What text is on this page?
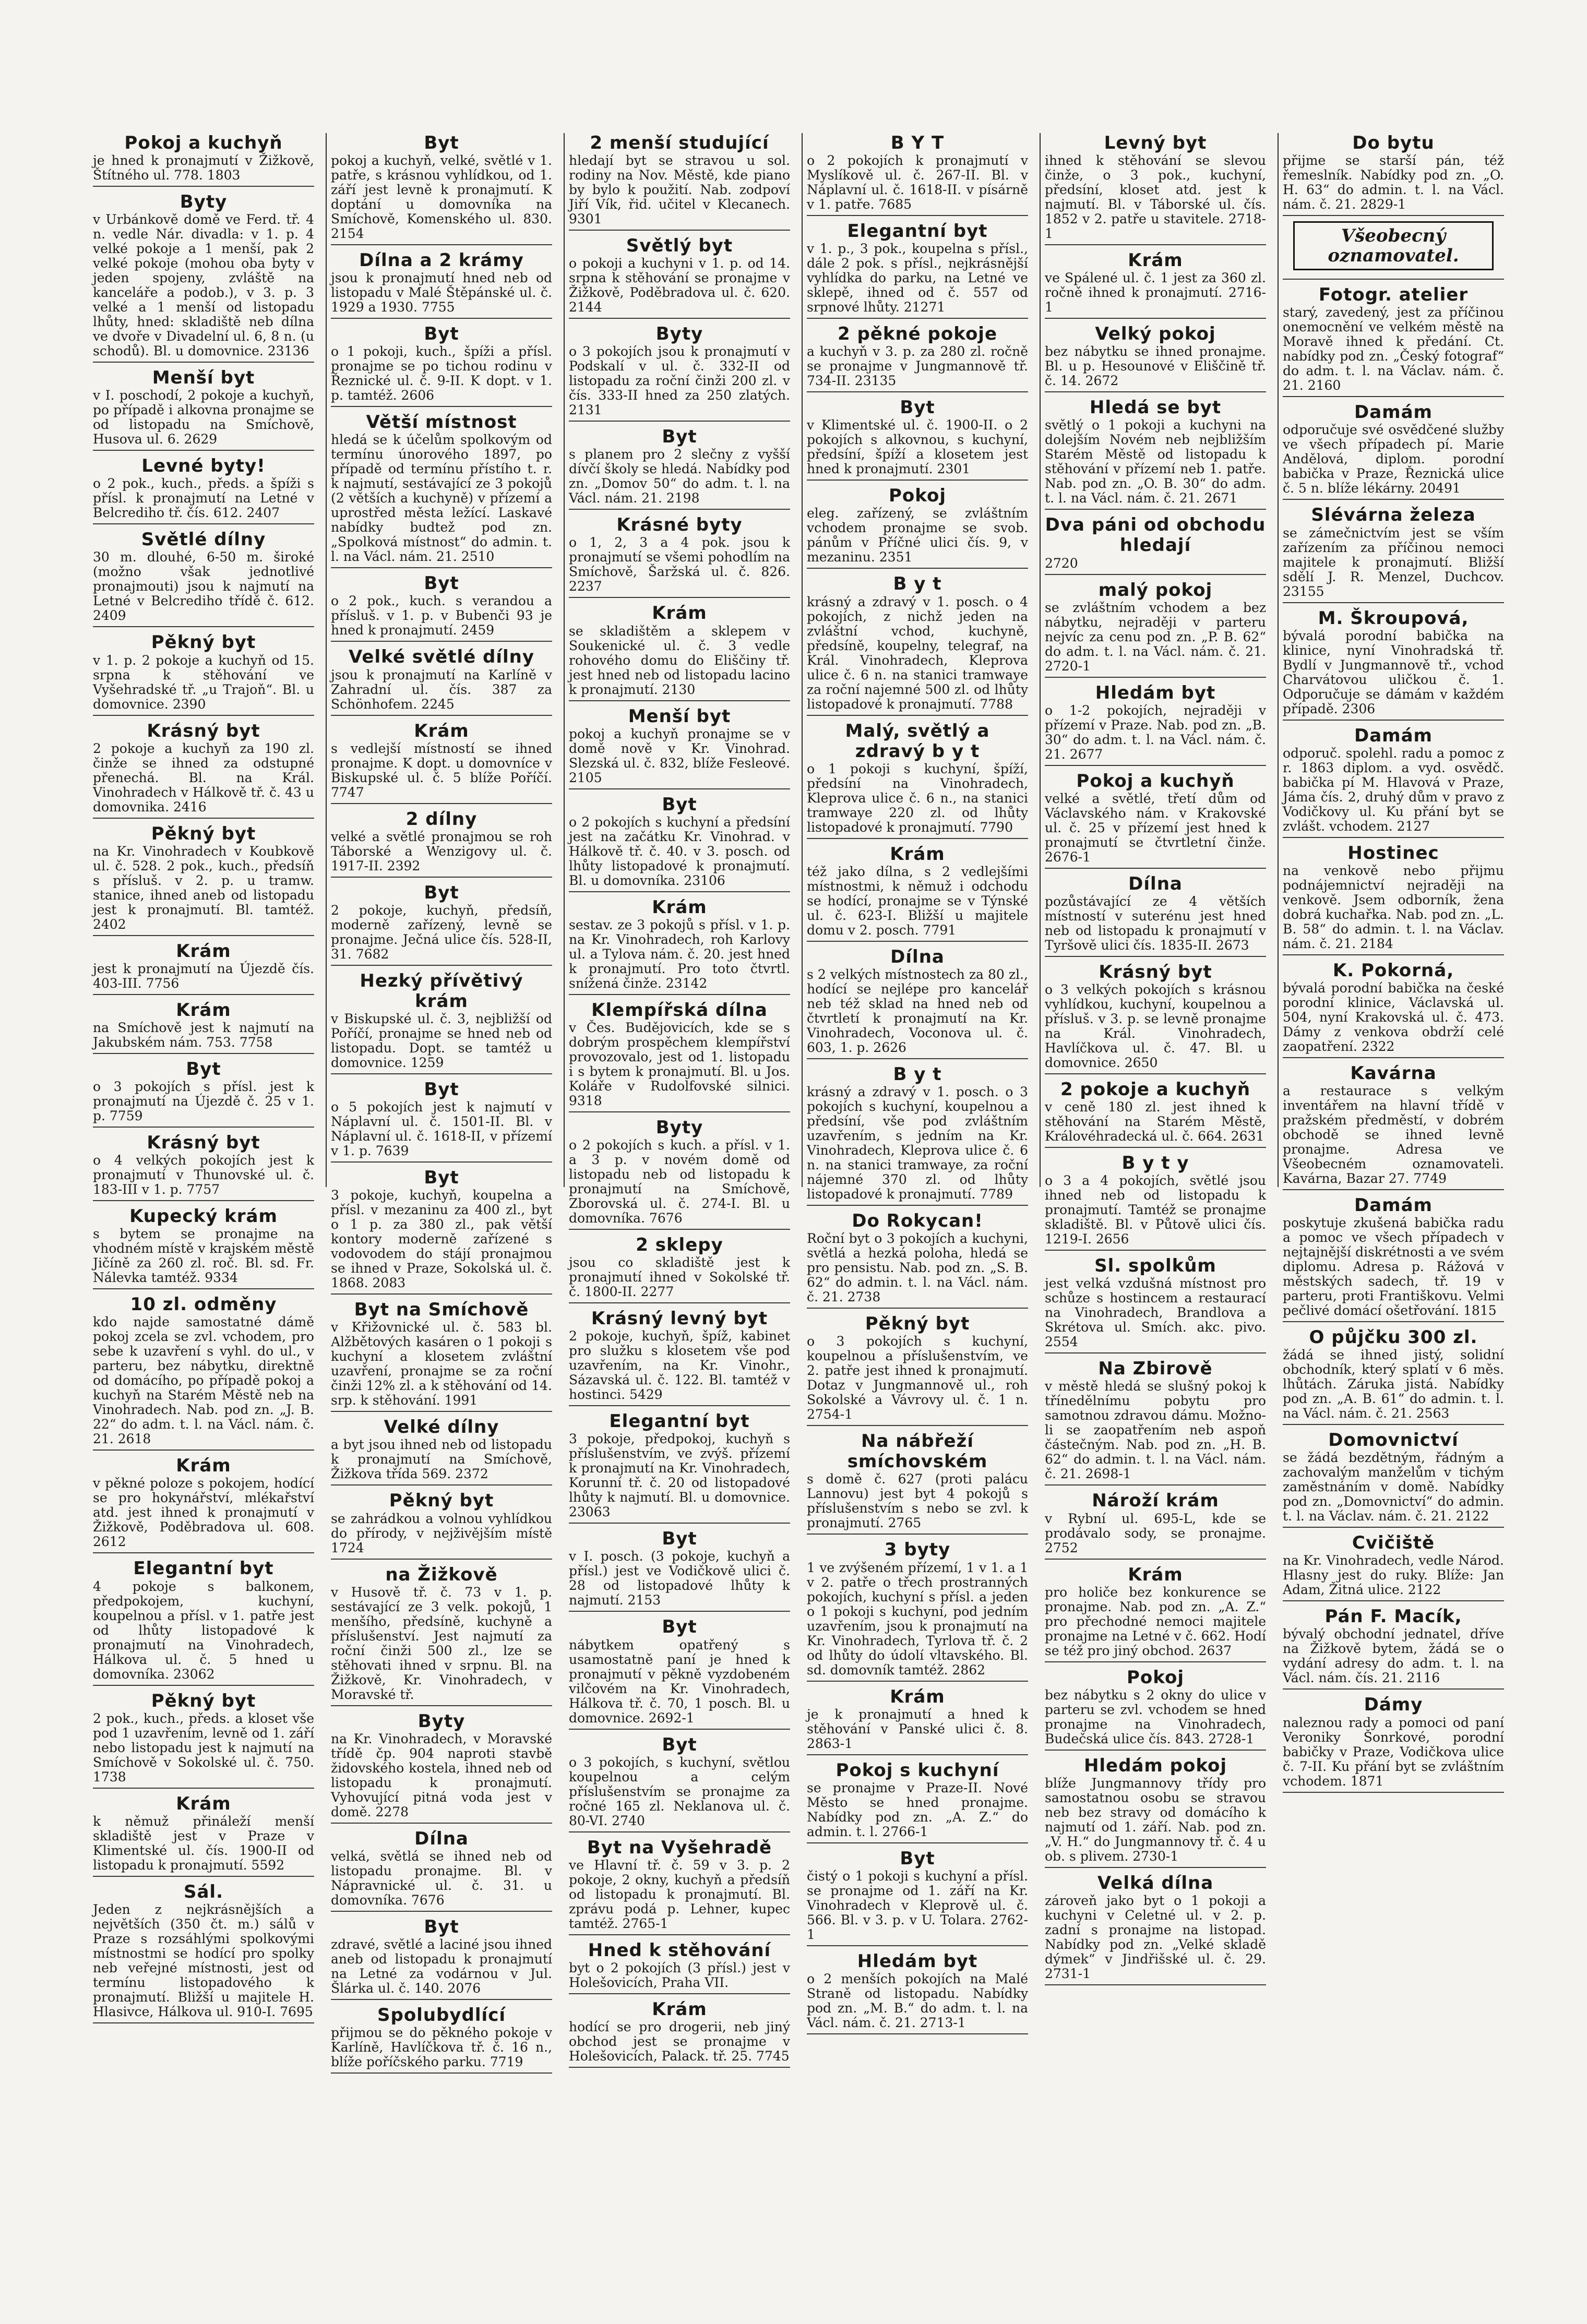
Pokoj a kuchyň
je hned k pronajmutí v Žižkově, Štítného ul. 778. 1803
Byty
v Urbánkově domě ve Ferd. tř. 4 n. vedle Nár. divadla: v 1. p. 4 velké pokoje a 1 menší, pak 2 velké pokoje (mohou oba byty v jeden spojeny, zvláště na kanceláře a podob.), v 3. p. 3 velké a 1 menší od listopadu lhůty, hned: skladiště neb dílna ve dvoře v Divadelní ul. 6, 8 n. (u schodů). Bl. u domovnice. 23136
Menší byt
v I. poschodí, 2 pokoje a kuchyň, po případě i alkovna pronajme se od listopadu na Smíchově, Husova ul. 6. 2629
Levné byty!
o 2 pok., kuch., předs. a špíži s přísl. k pronajmutí na Letné v Belcrediho tř. čís. 612. 2407
Světlé dílny
30 m. dlouhé, 6-50 m. široké (možno však jednotlivé pronajmouti) jsou k najmutí na Letné v Belcrediho třídě č. 612. 2409
Pěkný byt
v 1. p. 2 pokoje a kuchyň od 15. srpna k stěhování ve Vyšehradské tř. „u Trajoň“. Bl. u domovnice. 2390
Krásný byt
2 pokoje a kuchyň za 190 zl. činže se ihned za odstupné přenechá. Bl. na Král. Vinohradech v Hálkově tř. č. 43 u domovnika. 2416
Pěkný byt
na Kr. Vinohradech v Koubkově ul. č. 528. 2 pok., kuch., předsíň s přísluš. v 2. p. u tramw. stanice, ihned aneb od listopadu jest k pronajmutí. Bl. tamtéž. 2402
Krám
jest k pronajmutí na Újezdě čís. 403-III. 7756
Krám
na Smíchově jest k najmutí na Jakubském nám. 753. 7758
Byt
o 3 pokojích s přísl. jest k pronajmutí na Újezdě č. 25 v 1. p. 7759
Krásný byt
o 4 velkých pokojích jest k pronajmutí v Thunovské ul. č. 183-III v 1. p. 7757
Kupecký krám
s bytem se pronajme na vhodném místě v krajském městě Jičíně za 260 zl. roč. Bl. sd. Fr. Nálevka tamtéž. 9334
10 zl. odměny
kdo najde samostatné dámě pokoj zcela se zvl. vchodem, pro sebe k uzavření s vyhl. do ul., v parteru, bez nábytku, direktně od domácího, po případě pokoj a kuchyň na Starém Městě neb na Vinohradech. Nab. pod zn. „J. B. 22“ do adm. t. l. na Václ. nám. č. 21. 2618
Krám
v pěkné poloze s pokojem, hodící se pro hokynářství, mlékařství atd. jest ihned k pronajmutí v Žižkově, Poděbradova ul. 608. 2612
Elegantní byt
4 pokoje s balkonem, předpokojem, kuchyní, koupelnou a přísl. v 1. patře jest od lhůty listopadové k pronajmutí na Vinohradech, Hálkova ul. č. 5 hned u domovníka. 23062
Pěkný byt
2 pok., kuch., předs. a kloset vše pod 1 uzavřením, levně od 1. září nebo listopadu jest k najmutí na Smíchově v Sokolské ul. č. 750. 1738
Krám
k němuž přináleží menší skladiště jest v Praze v Klimentské ul. čís. 1900-II od listopadu k pronajmutí. 5592
Sál.
Jeden z nejkrásnějších a největších (350 čt. m.) sálů v Praze s rozsáhlými spolkovými místnostmi se hodící pro spolky neb veřejné místnosti, jest od termínu listopadového k pronajmutí. Bližší u majitele H. Hlasivce, Hálkova ul. 910-I. 7695
Byt
pokoj a kuchyň, velké, světlé v 1. patře, s krásnou vyhlídkou, od 1. září jest levně k pronajmutí. K doptání u domovníka na Smíchově, Komenského ul. 830. 2154
Dílna a 2 krámy
jsou k pronajmutí hned neb od listopadu v Malé Štěpánské ul. č. 1929 a 1930. 7755
Byt
o 1 pokoji, kuch., špíži a přísl. pronajme se po tichou rodinu v Řeznické ul. č. 9-II. K dopt. v 1. p. tamtéž. 2606
Větší místnost
hledá se k účelům spolkovým od termínu únorového 1897, po případě od termínu přístího t. r. k najmutí, sestávající ze 3 pokojů (2 větších a kuchyně) v přízemí a uprostřed města ležící. Laskavé nabídky budtež pod zn. „Spolková místnost“ do admin. t. l. na Václ. nám. 21. 2510
Byt
o 2 pok., kuch. s verandou a přísluš. v 1. p. v Bubenči 93 je hned k pronajmutí. 2459
Velké světlé dílny
jsou k pronajmutí na Karlíně v Zahradní ul. čís. 387 za Schönhofem. 2245
Krám
s vedlejší místností se ihned pronajme. K dopt. u domovníce v Biskupské ul. č. 5 blíže Poříčí. 7747
2 dílny
velké a světlé pronajmou se roh Táborské a Wenzigovy ul. č. 1917-II. 2392
Byt
2 pokoje, kuchyň, předsíň, moderně zařízený, levně se pronajme. Ječná ulice čís. 528-II, 31. 7682
Hezký přívětivý krám
v Biskupské ul. č. 3, nejbližší od Poříčí, pronajme se hned neb od listopadu. Dopt. se tamtéž u domovnice. 1259
Byt
o 5 pokojích jest k najmutí v Náplavní ul. č. 1501-II. Bl. v Náplavní ul. č. 1618-II, v přízemí v 1. p. 7639
Byt
3 pokoje, kuchyň, koupelna a přísl. v mezaninu za 400 zl., byt o 1 p. za 380 zl., pak větší kontory moderně zařízené s vodovodem do stájí pronajmou se ihned v Praze, Sokolská ul. č. 1868. 2083
Byt na Smíchově
v Křižovnické ul. č. 583 bl. Alžbětových kasáren o 1 pokoji s kuchyní a klosetem zvláštní uzavření, pronajme se za roční činži 12% zl. a k stěhování od 14. srp. k stěhování. 1991
Velké dílny
a byt jsou ihned neb od listopadu k pronajmutí na Smíchově, Žižkova třída 569. 2372
Pěkný byt
se zahrádkou a volnou vyhlídkou do přírody, v nejživějším místě 1724
na Žižkově
v Husově tř. č. 73 v 1. p. sestávající ze 3 velk. pokojů, 1 menšího, předsíně, kuchyně a příslušenství. Jest najmutí za roční činži 500 zl., lze se stěhovati ihned v srpnu. Bl. na Žižkově, Kr. Vinohradech, v Moravské tř.
Byty
na Kr. Vinohradech, v Moravské třídě čp. 904 naproti stavbě židovského kostela, ihned neb od listopadu k pronajmutí. Vyhovující pitná voda jest v domě. 2278
Dílna
velká, světlá se ihned neb od listopadu pronajme. Bl. v Nápravnické ul. č. 31. u domovníka. 7676
Byt
zdravé, světlé a laciné jsou ihned aneb od listopadu k pronajmutí na Letné za vodárnou v Jul. Šlárka ul. č. 140. 2076
Spolubydlící
přijmou se do pěkného pokoje v Karlíně, Havlíčkova tř. č. 16 n., blíže poříčského parku. 7719
2 menší studující
hledají byt se stravou u sol. rodiny na Nov. Městě, kde piano by bylo k použití. Nab. zodpoví Jiří Vík, řid. učitel v Klecanech. 9301
Světlý byt
o pokoji a kuchyni v 1. p. od 14. srpna k stěhování se pronajme v Žižkově, Poděbradova ul. č. 620. 2144
Byty
o 3 pokojích jsou k pronajmutí v Podskalí v ul. č. 332-II od listopadu za roční činži 200 zl. v čís. 333-II hned za 250 zlatých. 2131
Byt
s planem pro 2 slečny z vyšší dívčí školy se hledá. Nabídky pod zn. „Domov 50“ do adm. t. l. na Václ. nám. 21. 2198
Krásné byty
o 1, 2, 3 a 4 pok. jsou k pronajmutí se všemi pohodlím na Smíchově, Šaržská ul. č. 826. 2237
Krám
se skladištěm a sklepem v Soukenické ul. č. 3 vedle rohového domu do Eliščiny tř. jest hned neb od listopadu lacino k pronajmutí. 2130
Menší byt
pokoj a kuchyň pronajme se v domě nově v Kr. Vinohrad. Slezská ul. č. 832, blíže Fesleové. 2105
Byt
o 2 pokojích s kuchyní a předsíní jest na začátku Kr. Vinohrad. v Hálkově tř. č. 40. v 3. posch. od lhůty listopadové k pronajmutí. Bl. u domovníka. 23106
Krám
sestav. ze 3 pokojů s přísl. v 1. p. na Kr. Vinohradech, roh Karlovy ul. a Tylova nám. č. 20. jest hned k pronajmutí. Pro toto čtvrtl. snížená činže. 23142
Klempířská dílna
v Čes. Budějovicích, kde se s dobrým prospěchem klempířství provozovalo, jest od 1. listopadu i s bytem k pronajmutí. Bl. u Jos. Koláře v Rudolfovské silnici. 9318
Byty
o 2 pokojích s kuch. a přísl. v 1. a 3 p. v novém domě od listopadu neb od listopadu k pronajmutí na Smíchově, Zborovská ul. č. 274-I. Bl. u domovníka. 7676
2 sklepy
jsou co skladiště jest k pronajmutí ihned v Sokolské tř. č. 1800-II. 2277
Krásný levný byt
2 pokoje, kuchyň, špíž, kabinet pro služku s klosetem vše pod uzavřením, na Kr. Vinohr., Sázavská ul. č. 122. Bl. tamtéž v hostinci. 5429
Elegantní byt
3 pokoje, předpokoj, kuchyň s příslušenstvím, ve zvýš. přízemí k pronajmutí na Kr. Vinohradech, Korunní tř. č. 20 od listopadové lhůty k najmutí. Bl. u domovnice. 23063
Byt
v I. posch. (3 pokoje, kuchyň a přísl.) jest ve Vodičkově ulici č. 28 od listopadové lhůty k najmutí. 2153
Byt
nábytkem opatřený s usamostatně paní je hned k pronajmutí v pěkně vyzdobeném vilčovém na Kr. Vinohradech, Hálkova tř. č. 70, 1 posch. Bl. u domovnice. 2692-1
Byt
o 3 pokojích, s kuchyní, světlou koupelnou a celým příslušenstvím se pronajme za ročné 165 zl. Neklanova ul. č. 80-VI. 2740
Byt na Vyšehradě
ve Hlavní tř. č. 59 v 3. p. 2 pokoje, 2 okny, kuchyň a předsíň od listopadu k pronajmutí. Bl. zprávu podá p. Lehner, kupec tamtéž. 2765-1
Hned k stěhování
byt o 2 pokojích (3 přísl.) jest v Holešovicích, Praha VII.
Krám
hodící se pro drogerii, neb jiný obchod jest se pronajme v Holešovicích, Palack. tř. 25. 7745
B Y T
o 2 pokojích k pronajmutí v Myslíkově ul. č. 267-II. Bl. v Náplavní ul. č. 1618-II. v písárně v 1. patře. 7685
Elegantní byt
v 1. p., 3 pok., koupelna s přísl., dále 2 pok. s přísl., nejkrásnější vyhlídka do parku, na Letné ve sklepě, ihned od č. 557 od srpnové lhůty. 21271
2 pěkné pokoje
a kuchyň v 3. p. za 280 zl. ročně se pronajme v Jungmannově tř. 734-II. 23135
Byt
v Klimentské ul. č. 1900-II. o 2 pokojích s alkovnou, s kuchyní, předsíní, špíží a klosetem jest hned k pronajmutí. 2301
Pokoj
eleg. zařízený, se zvláštním vchodem pronajme se svob. pánům v Příčné ulici čís. 9, v mezaninu. 2351
B y t
krásný a zdravý v 1. posch. o 4 pokojích, z nichž jeden na zvláštní vchod, kuchyně, předsíně, koupelny, telegraf, na Král. Vinohradech, Kleprova ulice č. 6 n. na stanici tramwaye za roční najemné 500 zl. od lhůty listopadové k pronajmutí. 7788
Malý, světlý a zdravý b y t
o 1 pokoji s kuchyní, špíží, předsíní na Vinohradech, Kleprova ulice č. 6 n., na stanici tramwaye 220 zl. od lhůty listopadové k pronajmutí. 7790
Krám
též jako dílna, s 2 vedlejšími místnostmi, k němuž i odchodu se hodící, pronajme se v Týnské ul. č. 623-I. Bližší u majitele domu v 2. posch. 7791
Dílna
s 2 velkých místnostech za 80 zl., hodící se nejlépe pro kancelář neb též sklad na hned neb od čtvrtletí k pronajmutí na Kr. Vinohradech, Voconova ul. č. 603, 1. p. 2626
B y t
krásný a zdravý v 1. posch. o 3 pokojích s kuchyní, koupelnou a předsíní, vše pod zvláštním uzavřením, s jedním na Kr. Vinohradech, Kleprova ulice č. 6 n. na stanici tramwaye, za roční nájemné 370 zl. od lhůty listopadové k pronajmutí. 7789
Do Rokycan!
Roční byt o 3 pokojích a kuchyni, světlá a hezká poloha, hledá se pro pensistu. Nab. pod zn. „S. B. 62“ do admin. t. l. na Václ. nám. č. 21. 2738
Pěkný byt
o 3 pokojích s kuchyní, koupelnou a příslušenstvím, ve 2. patře jest ihned k pronajmutí. Dotaz v Jungmannově ul., roh Sokolské a Vávrovy ul. č. 1 n. 2754-1
Na nábřeží smíchovském
s domě č. 627 (proti palácu Lannovu) jest byt 4 pokojů s příslušenstvím s nebo se zvl. k pronajmutí. 2765
3 byty
1 ve zvýšeném přízemí, 1 v 1. a 1 v 2. patře o třech prostranných pokojích, kuchyní s přísl. a jeden o 1 pokoji s kuchyní, pod jedním uzavřením, jsou k pronajmutí na Kr. Vinohradech, Tyrlova tř. č. 2 od lhůty do údolí vltavského. Bl. sd. domovník tamtéž. 2862
Krám
je k pronajmutí a hned k stěhování v Panské ulici č. 8. 2863-1
Pokoj s kuchyní
se pronajme v Praze-II. Nové Město se hned pronajme. Nabídky pod zn. „A. Z.“ do admin. t. l. 2766-1
Byt
čistý o 1 pokoji s kuchyní a přísl. se pronajme od 1. září na Kr. Vinohradech v Kleprově ul. č. 566. Bl. v 3. p. v U. Tolara. 2762-1
Hledám byt
o 2 menších pokojích na Malé Straně od listopadu. Nabídky pod zn. „M. B.“ do adm. t. l. na Václ. nám. č. 21. 2713-1
Levný byt
ihned k stěhování se slevou činže, o 3 pok., kuchyní, předsíní, kloset atd. jest k najmutí. Bl. v Táborské ul. čís. 1852 v 2. patře u stavitele. 2718-1
Krám
ve Spálené ul. č. 1 jest za 360 zl. ročně ihned k pronajmutí. 2716-1
Velký pokoj
bez nábytku se ihned pronajme. Bl. u p. Hesounové v Eliščině tř. č. 14. 2672
Hledá se byt
světlý o 1 pokoji a kuchyni na dolejším Novém neb nejbližším Starém Městě od listopadu k stěhování v přízemí neb 1. patře. Nab. pod zn. „O. B. 30“ do adm. t. l. na Václ. nám. č. 21. 2671
Dva páni od obchodu hledají
2720
malý pokoj
se zvláštním vchodem a bez nábytku, nejraději v parteru nejvíc za cenu pod zn. „P. B. 62“ do adm. t. l. na Václ. nám. č. 21. 2720-1
Hledám byt
o 1-2 pokojích, nejraději v přízemí v Praze. Nab. pod zn. „B. 30“ do adm. t. l. na Václ. nám. č. 21. 2677
Pokoj a kuchyň
velké a světlé, třetí dům od Václavského nám. v Krakovské ul. č. 25 v přízemí jest hned k pronajmutí se čtvrtletní činže. 2676-1
Dílna
pozůstávající ze 4 větších místností v suterénu jest hned neb od listopadu k pronajmutí v Tyršově ulici čís. 1835-II. 2673
Krásný byt
o 3 velkých pokojích s krásnou vyhlídkou, kuchyní, koupelnou a přísluš. v 3. p. se levně pronajme na Král. Vinohradech, Havlíčkova ul. č. 47. Bl. u domovnice. 2650
2 pokoje a kuchyň
v ceně 180 zl. jest ihned k stěhování na Starém Městě, Královéhradecká ul. č. 664. 2631
B y t y
o 3 a 4 pokojích, světlé jsou ihned neb od listopadu k pronajmutí. Tamtéž se pronajme skladiště. Bl. v Půtově ulici čís. 1219-I. 2656
Sl. spolkům
jest velká vzdušná místnost pro schůze s hostincem a restaurací na Vinohradech, Brandlova a Skrétova ul. Smích. akc. pivo. 2554
Na Zbirově
v městě hledá se slušný pokoj k třínedělnímu pobytu pro samotnou zdravou dámu. Možno-li se zaopatřením neb aspoň částečným. Nab. pod zn. „H. B. 62“ do admin. t. l. na Václ. nám. č. 21. 2698-1
Nároží krám
v Rybní ul. 695-L, kde se prodávalo sody, se pronajme. 2752
Krám
pro holiče bez konkurence se pronajme. Nab. pod zn. „A. Z.“ pro přechodné nemoci majitele pronajme na Letné v č. 662. Hodí se též pro jiný obchod. 2637
Pokoj
bez nábytku s 2 okny do ulice v parteru se zvl. vchodem se hned pronajme na Vinohradech, Budečská ulice čís. 843. 2728-1
Hledám pokoj
blíže Jungmannovy třídy pro samostatnou osobu se stravou neb bez stravy od domácího k najmutí od 1. září. Nab. pod zn. „V. H.“ do Jungmannovy tř. č. 4 u ob. s plivem. 2730-1
Velká dílna
zároveň jako byt o 1 pokoji a kuchyni v Celetné ul. v 2. p. zadní s pronajme na listopad. Nabídky pod zn. „Velké skladě dýmek“ v Jindřišské ul. č. 29. 2731-1
Do bytu
přijme se starší pán, též řemeslník. Nabídky pod zn. „O. H. 63“ do admin. t. l. na Václ. nám. č. 21. 2829-1
Všeobecný oznamovatel.
Fotogr. atelier
starý, zavedený, jest za příčinou onemocnění ve velkém městě na Moravě ihned k předání. Ct. nabídky pod zn. „Český fotograf“ do adm. t. l. na Václav. nám. č. 21. 2160
Damám
odporučuje své osvědčené služby ve všech případech pí. Marie Andělová, diplom. porodní babička v Praze, Řeznická ulice č. 5 n. blíže lékárny. 20491
Slévárna železa
se zámečnictvím jest se vším zařízením za příčinou nemoci majitele k pronajmutí. Bližší sdělí J. R. Menzel, Duchcov. 23155
M. Škroupová,
bývalá porodní babička na klinice, nyní Vinohradská tř. Bydlí v Jungmannově tř., vchod Charvátovou uličkou č. 1. Odporučuje se dámám v každém případě. 2306
Damám
odporuč. spolehl. radu a pomoc z r. 1863 diplom. a vyd. osvědč. babička pí M. Hlavová v Praze, Jáma čís. 2, druhý dům v pravo z Vodičkovy ul. Ku přání byt se zvlášt. vchodem. 2127
Hostinec
na venkově nebo přijmu podnájemnictví nejraději na venkově. Jsem odborník, žena dobrá kuchařka. Nab. pod zn. „L. B. 58“ do admin. t. l. na Václav. nám. č. 21. 2184
K. Pokorná,
bývalá porodní babička na české porodní klinice, Václavská ul. 504, nyní Krakovská ul. č. 473. Dámy z venkova obdrží celé zaopatření. 2322
Kavárna
a restaurace s velkým inventářem na hlavní třídě v pražském předměstí, v dobrém obchodě se ihned levně pronajme. Adresa ve Všeobecném oznamovateli. Kavárna, Bazar 27. 7749
Damám
poskytuje zkušená babička radu a pomoc ve všech případech v nejtajnější diskrétnosti a ve svém diplomu. Adresa p. Rážová v městských sadech, tř. 19 v parteru, proti Františkovu. Velmi pečlivé domácí ošetřování. 1815
O půjčku 300 zl.
žádá se ihned jistý, solidní obchodník, který splatí v 6 měs. lhůtách. Záruka jistá. Nabídky pod zn. „A. B. 61“ do admin. t. l. na Václ. nám. č. 21. 2563
Domovnictví
se žádá bezdětným, řádným a zachovalým manželům v tichým zaměstnáním v domě. Nabídky pod zn. „Domovnictví“ do admin. t. l. na Václav. nám. č. 21. 2122
Cvičiště
na Kr. Vinohradech, vedle Národ. Hlasny jest do ruky. Blíže: Jan Adam, Žitná ulice. 2122
Pán F. Macík,
bývalý obchodní jednatel, dříve na Žižkově bytem, žádá se o vydání adresy do adm. t. l. na Václ. nám. čís. 21. 2116
Dámy
naleznou rady a pomoci od paní Veroniky Šonrkové, porodní babičky v Praze, Vodičkova ulice č. 7-II. Ku přání byt se zvláštním vchodem. 1871
